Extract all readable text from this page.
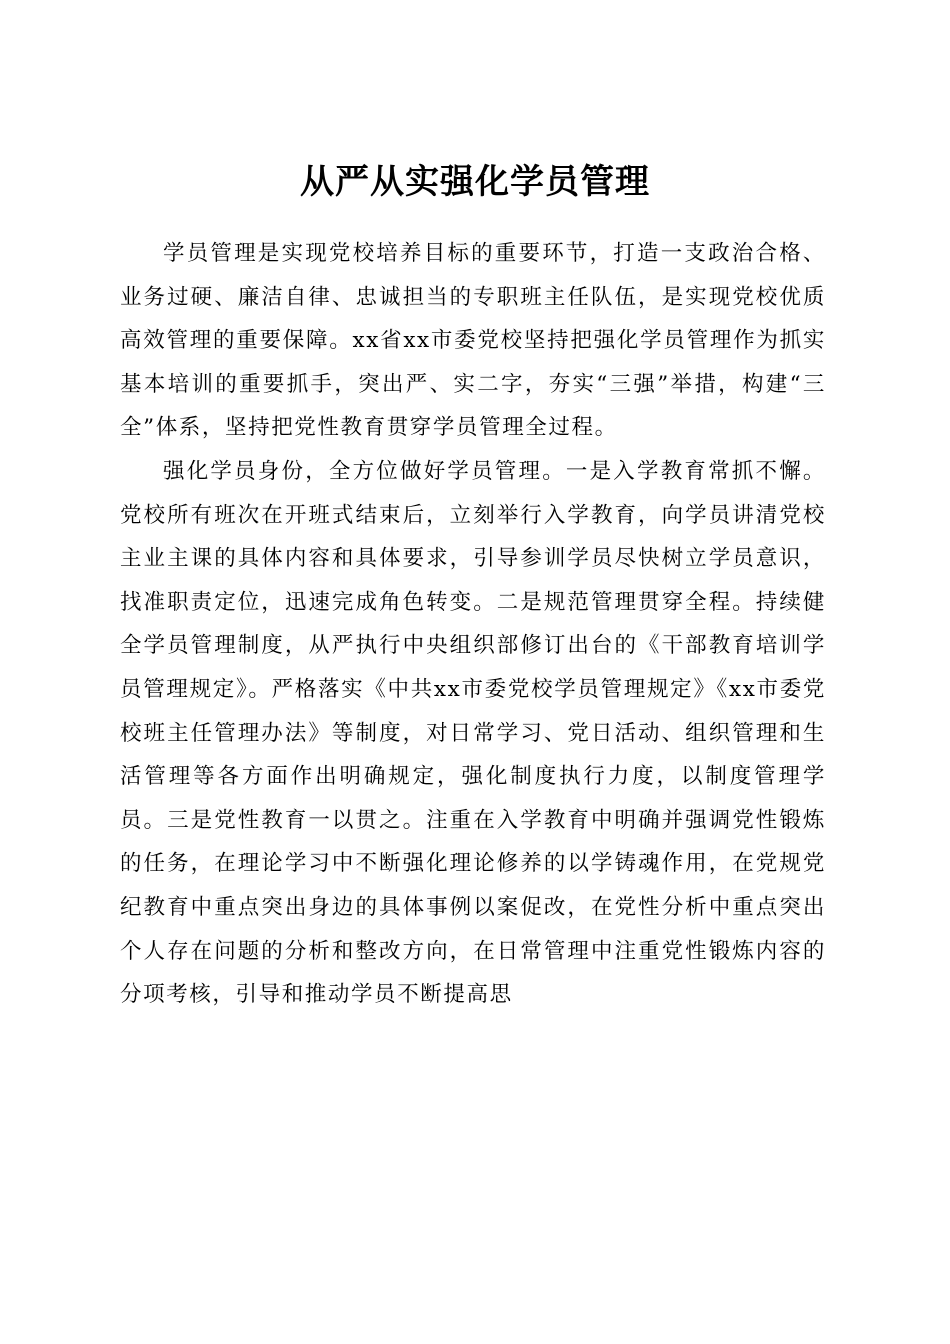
从严从实强化学员管理

学员管理是实现党校培养目标的重要环节，打造一支政治合格、业务过硬、廉洁自律、忠诚担当的专职班主任队伍，是实现党校优质高效管理的重要保障。xx省xx市委党校坚持把强化学员管理作为抓实基本培训的重要抓手，突出严、实二字，夯实“三强”举措，构建“三全”体系，坚持把党性教育贯穿学员管理全过程。

强化学员身份，全方位做好学员管理。一是入学教育常抓不懈。党校所有班次在开班式结束后，立刻举行入学教育，向学员讲清党校主业主课的具体内容和具体要求，引导参训学员尽快树立学员意识，找准职责定位，迅速完成角色转变。二是规范管理贯穿全程。持续健全学员管理制度，从严执行中央组织部修订出台的《干部教育培训学员管理规定》。严格落实《中共xx市委党校学员管理规定》《xx市委党校班主任管理办法》等制度，对日常学习、党日活动、组织管理和生活管理等各方面作出明确规定，强化制度执行力度，以制度管理学员。三是党性教育一以贯之。注重在入学教育中明确并强调党性锻炼的任务，在理论学习中不断强化理论修养的以学铸魂作用，在党规党纪教育中重点突出身边的具体事例以案促改，在党性分析中重点突出个人存在问题的分析和整改方向，在日常管理中注重党性锻炼内容的分项考核，引导和推动学员不断提高思
